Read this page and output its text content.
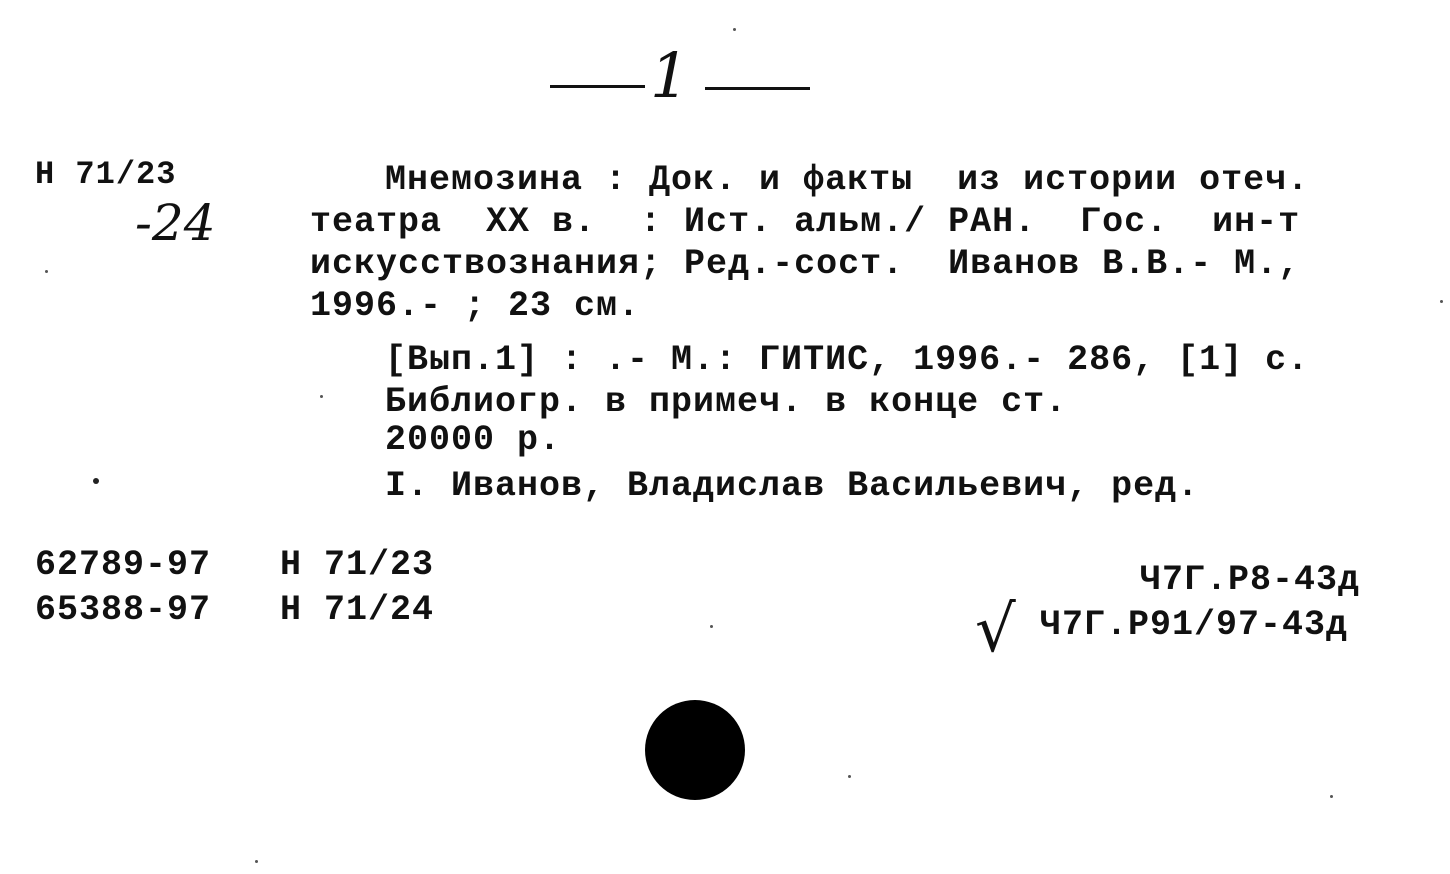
1
Н 71/23
-24
Мнемозина : Док. и факты  из истории отеч.
театра  XX в.  : Ист. альм./ РАН.  Гос.  ин-т
искусствознания; Ред.-сост.  Иванов В.В.- М.,
1996.- ; 23 см.
[Вып.1] : .- М.: ГИТИС, 1996.- 286, [1] с.
Библиогр. в примеч. в конце ст.
20000 р.
I. Иванов, Владислав Васильевич, ред.
62789-97 Н 71/23
65388-97 Н 71/24
Ч7Г.Р8-43д
√ Ч7Г.Р91/97-43д
